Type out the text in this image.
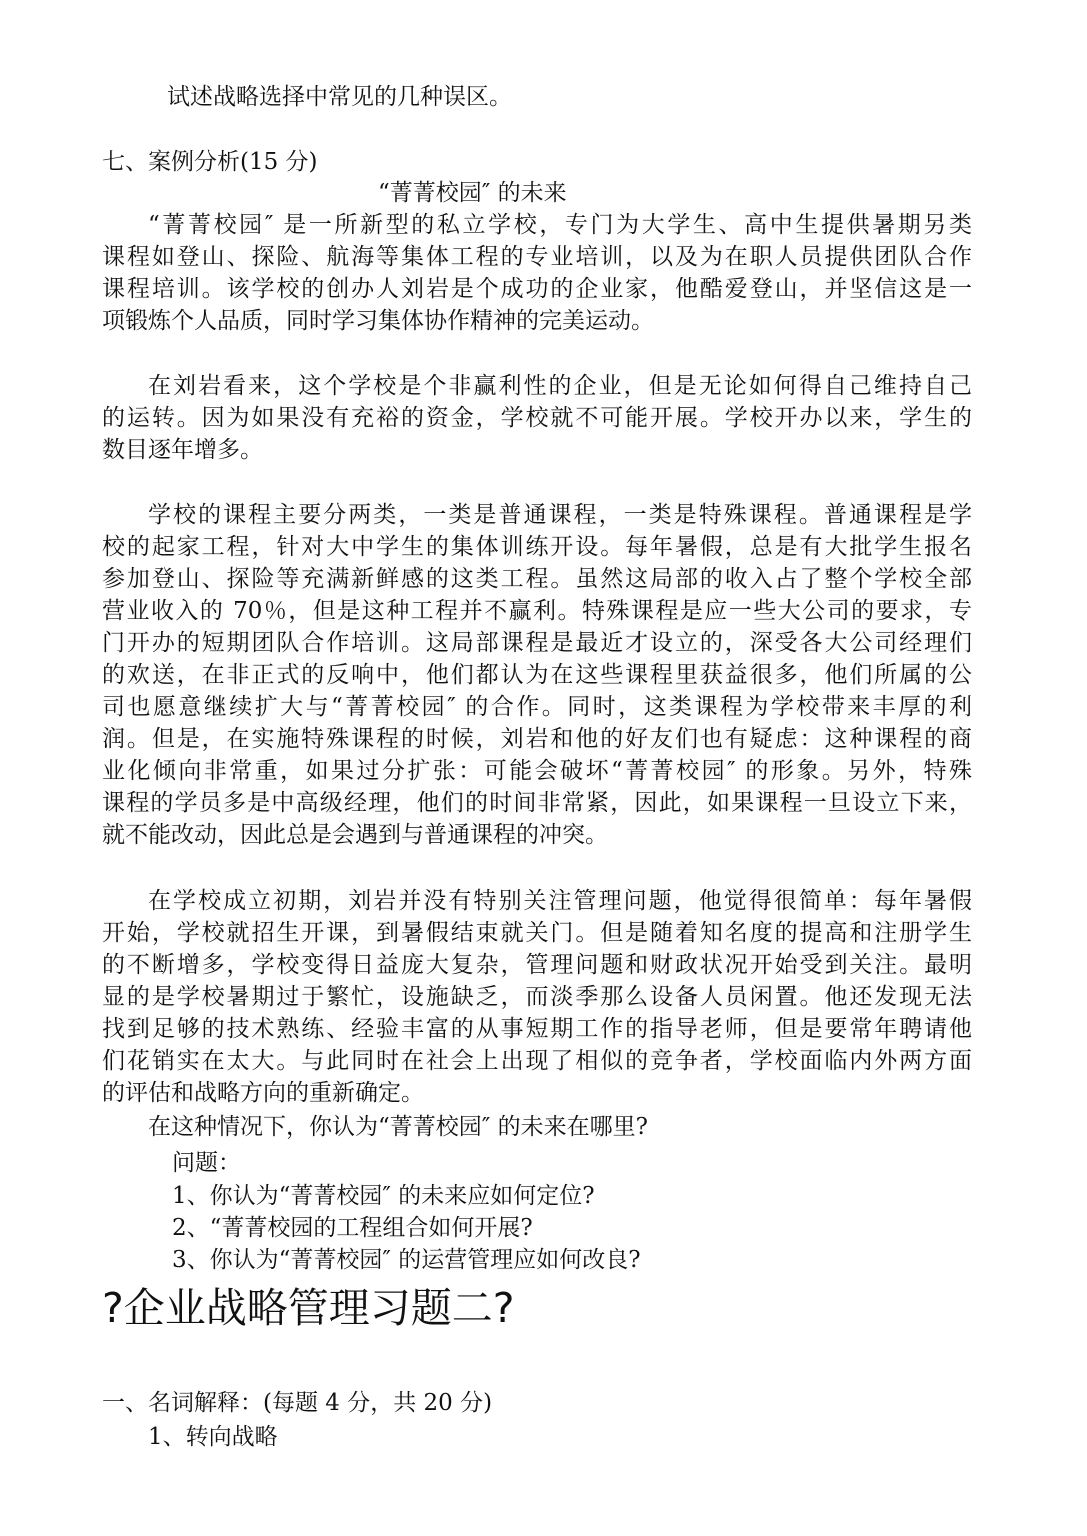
试述战略选择中常见的几种误区。
七、案例分析(15 分)
“菁菁校园″ 的未来
“菁菁校园″ 是一所新型的私立学校，专门为大学生、高中生提供暑期另类
课程如登山、探险、航海等集体工程的专业培训，以及为在职人员提供团队合作
课程培训。该学校的创办人刘岩是个成功的企业家，他酷爱登山，并坚信这是一
项锻炼个人品质，同时学习集体协作精神的完美运动。
在刘岩看来，这个学校是个非赢利性的企业，但是无论如何得自己维持自己
的运转。因为如果没有充裕的资金，学校就不可能开展。学校开办以来，学生的
数目逐年增多。
学校的课程主要分两类，一类是普通课程，一类是特殊课程。普通课程是学
校的起家工程，针对大中学生的集体训练开设。每年暑假，总是有大批学生报名
参加登山、探险等充满新鲜感的这类工程。虽然这局部的收入占了整个学校全部
营业收入的 70％，但是这种工程并不赢利。特殊课程是应一些大公司的要求，专
门开办的短期团队合作培训。这局部课程是最近才设立的，深受各大公司经理们
的欢送，在非正式的反响中，他们都认为在这些课程里获益很多，他们所属的公
司也愿意继续扩大与“菁菁校园″ 的合作。同时，这类课程为学校带来丰厚的利
润。但是，在实施特殊课程的时候，刘岩和他的好友们也有疑虑：这种课程的商
业化倾向非常重，如果过分扩张：可能会破坏“菁菁校园″ 的形象。另外，特殊
课程的学员多是中高级经理，他们的时间非常紧，因此，如果课程一旦设立下来，
就不能改动，因此总是会遇到与普通课程的冲突。
在学校成立初期，刘岩并没有特别关注管理问题，他觉得很简单：每年暑假
开始，学校就招生开课，到暑假结束就关门。但是随着知名度的提高和注册学生
的不断增多，学校变得日益庞大复杂，管理问题和财政状况开始受到关注。最明
显的是学校暑期过于繁忙，设施缺乏，而淡季那么设备人员闲置。他还发现无法
找到足够的技术熟练、经验丰富的从事短期工作的指导老师，但是要常年聘请他
们花销实在太大。与此同时在社会上出现了相似的竞争者，学校面临内外两方面
的评估和战略方向的重新确定。
在这种情况下，你认为“菁菁校园″ 的未来在哪里?
问题：
1、你认为“菁菁校园″ 的未来应如何定位?
2、“菁菁校园的工程组合如何开展?
3、你认为“菁菁校园″ 的运营管理应如何改良?
?企业战略管理习题二?
一、名词解释：(每题 4 分，共 20 分)
1、转向战略
